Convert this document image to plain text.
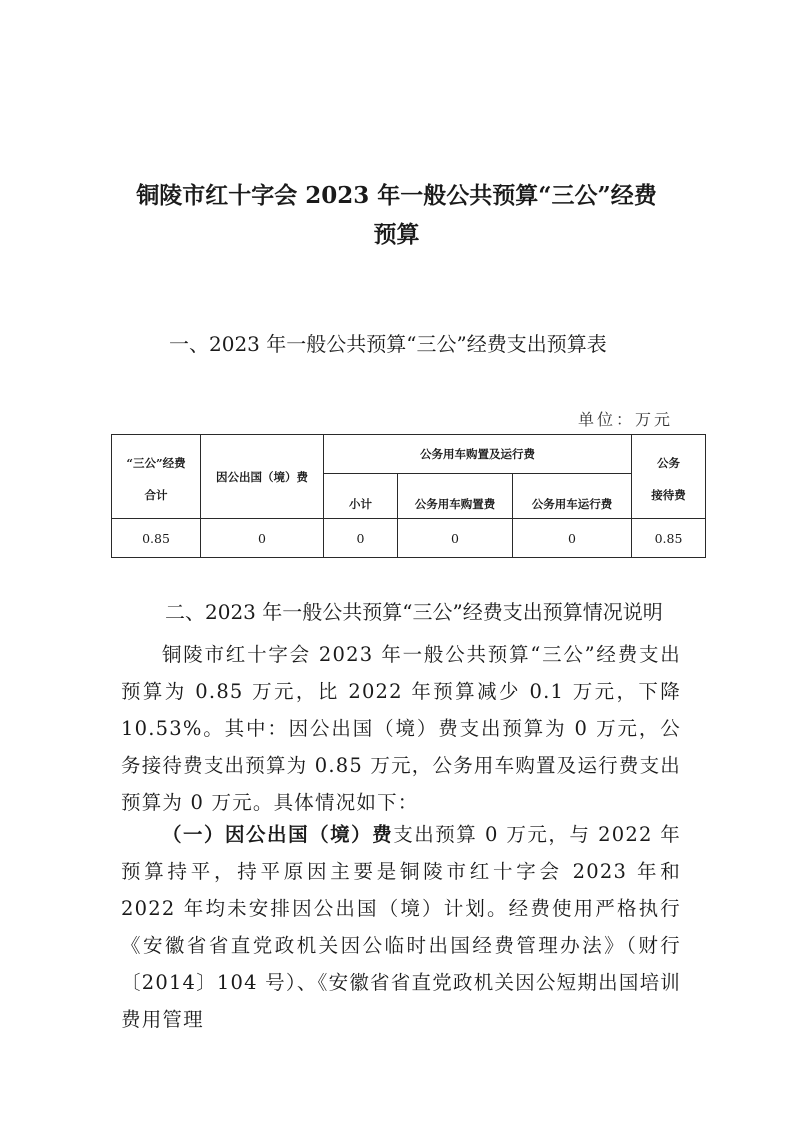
铜陵市红十字会 2023 年一般公共预算“三公”经费
预算
一、2023 年一般公共预算“三公”经费支出预算表
单位：万元
“三公”经费
合计	因公出国（境）费	公务用车购置及运行费			公务
接待费

		小计	公务用车购置费	公务用车运行费	
0.85	0	0	0	0	0.85
二、2023 年一般公共预算“三公”经费支出预算情况说明
铜陵市红十字会 2023 年一般公共预算“三公”经费支出预算为 0.85 万元，比 2022 年预算减少 0.1 万元，下降 10.53%。其中：因公出国（境）费支出预算为 0 万元，公务接待费支出预算为 0.85 万元，公务用车购置及运行费支出预算为 0 万元。具体情况如下：
（一）因公出国（境）费支出预算 0 万元，与 2022 年预算持平，持平原因主要是铜陵市红十字会 2023 年和 2022 年均未安排因公出国（境）计划。经费使用严格执行《安徽省省直党政机关因公临时出国经费管理办法》（财行〔2014〕104 号）、《安徽省省直党政机关因公短期出国培训费用管理
